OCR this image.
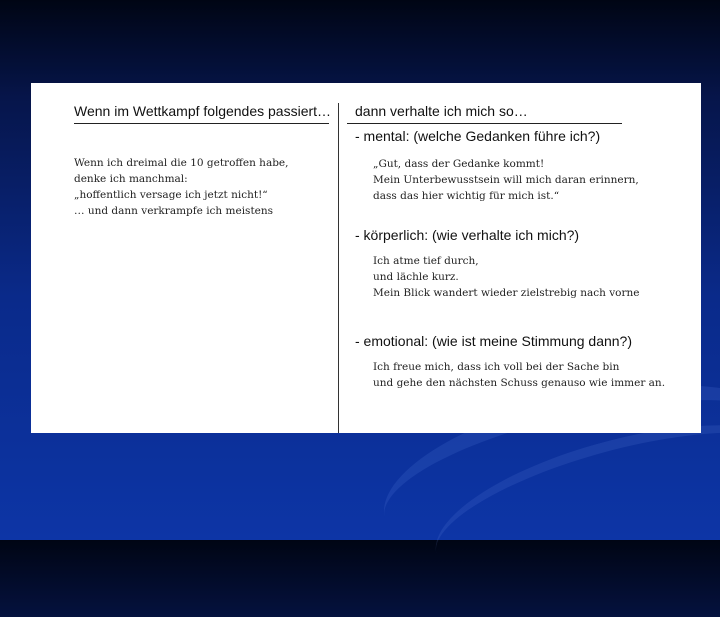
Wenn im Wettkampf folgendes passiert…	dann verhalte ich mich so…
Wenn ich dreimal die 10 getroffen habe,
denke ich manchmal:
„hoffentlich versage ich jetzt nicht!“
… und dann verkrampfe ich meistens
- mental: (welche Gedanken führe ich?)
„Gut, dass der Gedanke kommt!
Mein Unterbewusstsein will mich daran erinnern,
dass das hier wichtig für mich ist.“
- körperlich: (wie verhalte ich mich?)
Ich atme tief durch,
und lächle kurz.
Mein Blick wandert wieder zielstrebig nach vorne
- emotional: (wie ist meine Stimmung dann?)
Ich freue mich, dass ich voll bei der Sache bin
und gehe den nächsten Schuss genauso wie immer an.
